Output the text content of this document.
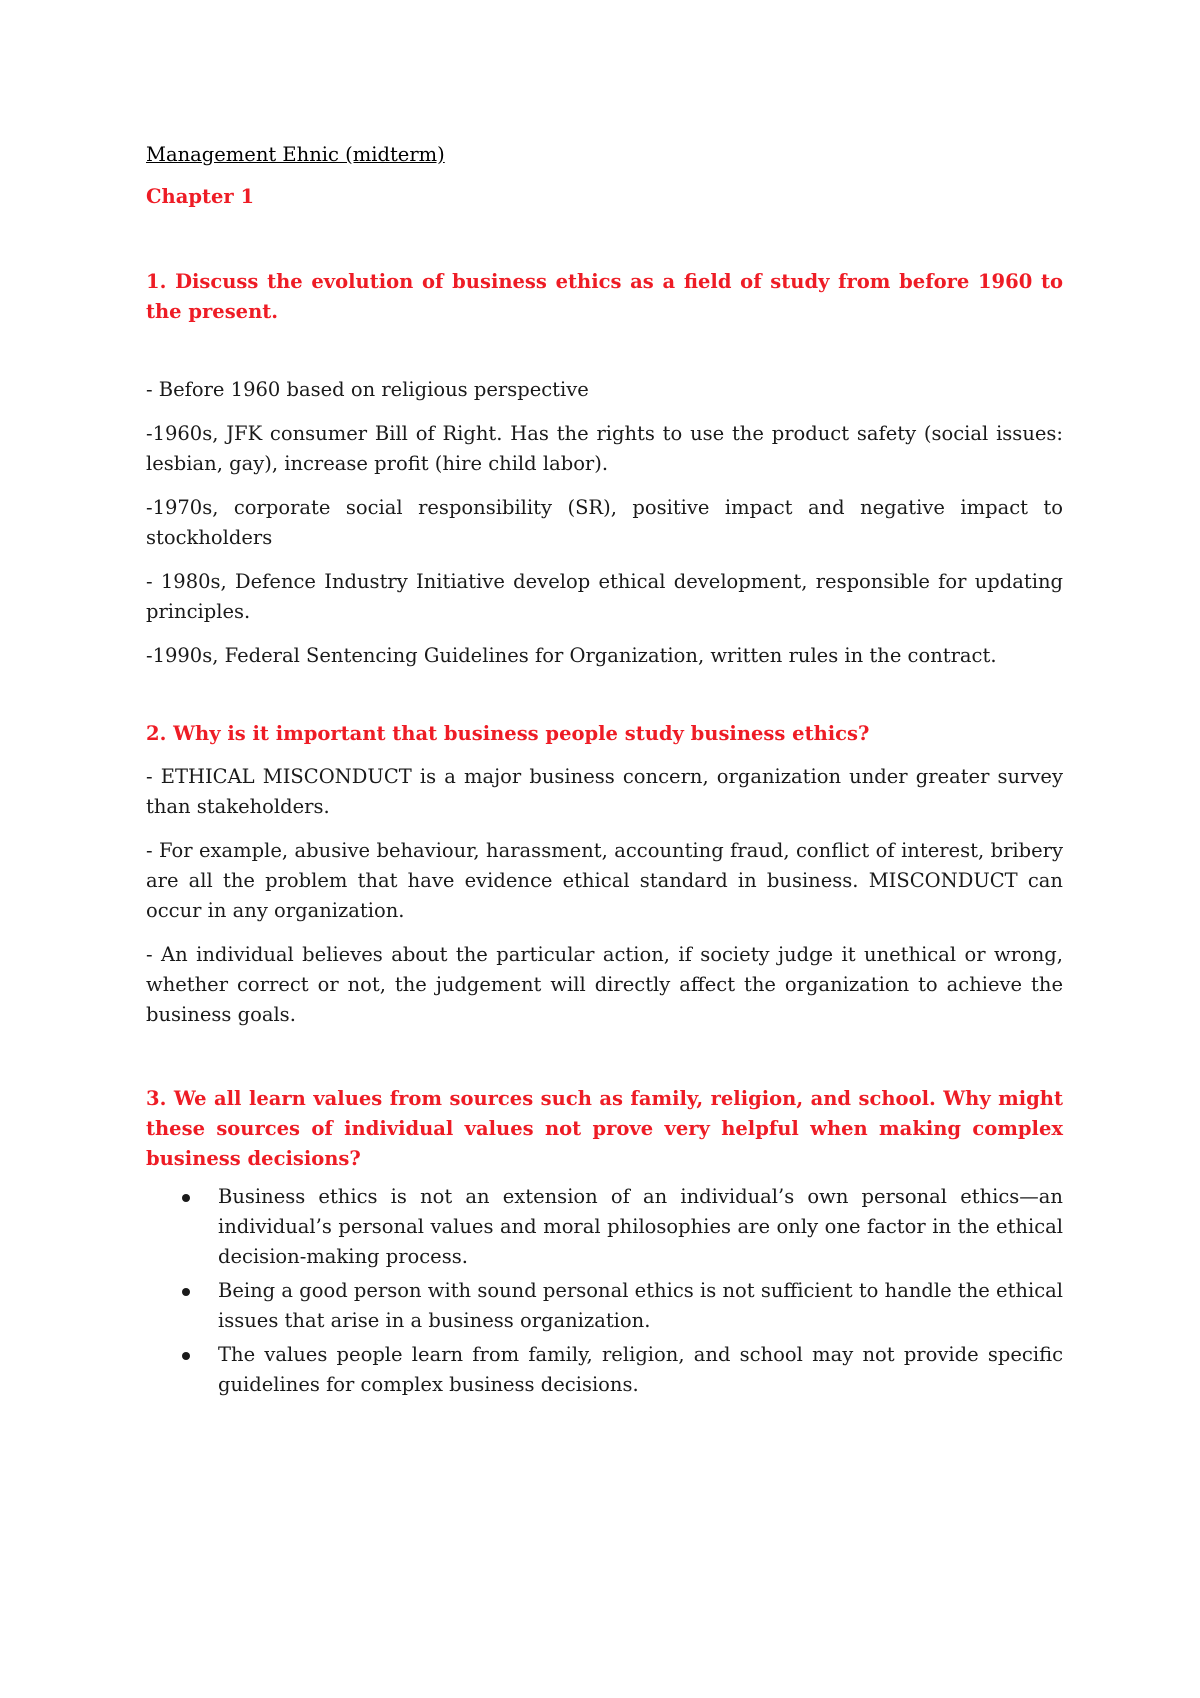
Management Ehnic (midterm)

Chapter 1

1. Discuss the evolution of business ethics as a field of study from before 1960 to the present.

- Before 1960 based on religious perspective

-1960s, JFK consumer Bill of Right. Has the rights to use the product safety (social issues: lesbian, gay), increase profit (hire child labor).

-1970s, corporate social responsibility (SR), positive impact and negative impact to stockholders

- 1980s, Defence Industry Initiative develop ethical development, responsible for updating principles.

-1990s, Federal Sentencing Guidelines for Organization, written rules in the contract.

2. Why is it important that business people study business ethics?

- ETHICAL MISCONDUCT is a major business concern, organization under greater survey than stakeholders.

- For example, abusive behaviour, harassment, accounting fraud, conflict of interest, bribery are all the problem that have evidence ethical standard in business. MISCONDUCT can occur in any organization.

- An individual believes about the particular action, if society judge it unethical or wrong, whether correct or not, the judgement will directly affect the organization to achieve the business goals.

3. We all learn values from sources such as family, religion, and school. Why might these sources of individual values not prove very helpful when making complex business decisions?

Business ethics is not an extension of an individual’s own personal ethics—an individual’s personal values and moral philosophies are only one factor in the ethical decision-making process.
Being a good person with sound personal ethics is not sufficient to handle the ethical issues that arise in a business organization.
The values people learn from family, religion, and school may not provide specific guidelines for complex business decisions.
